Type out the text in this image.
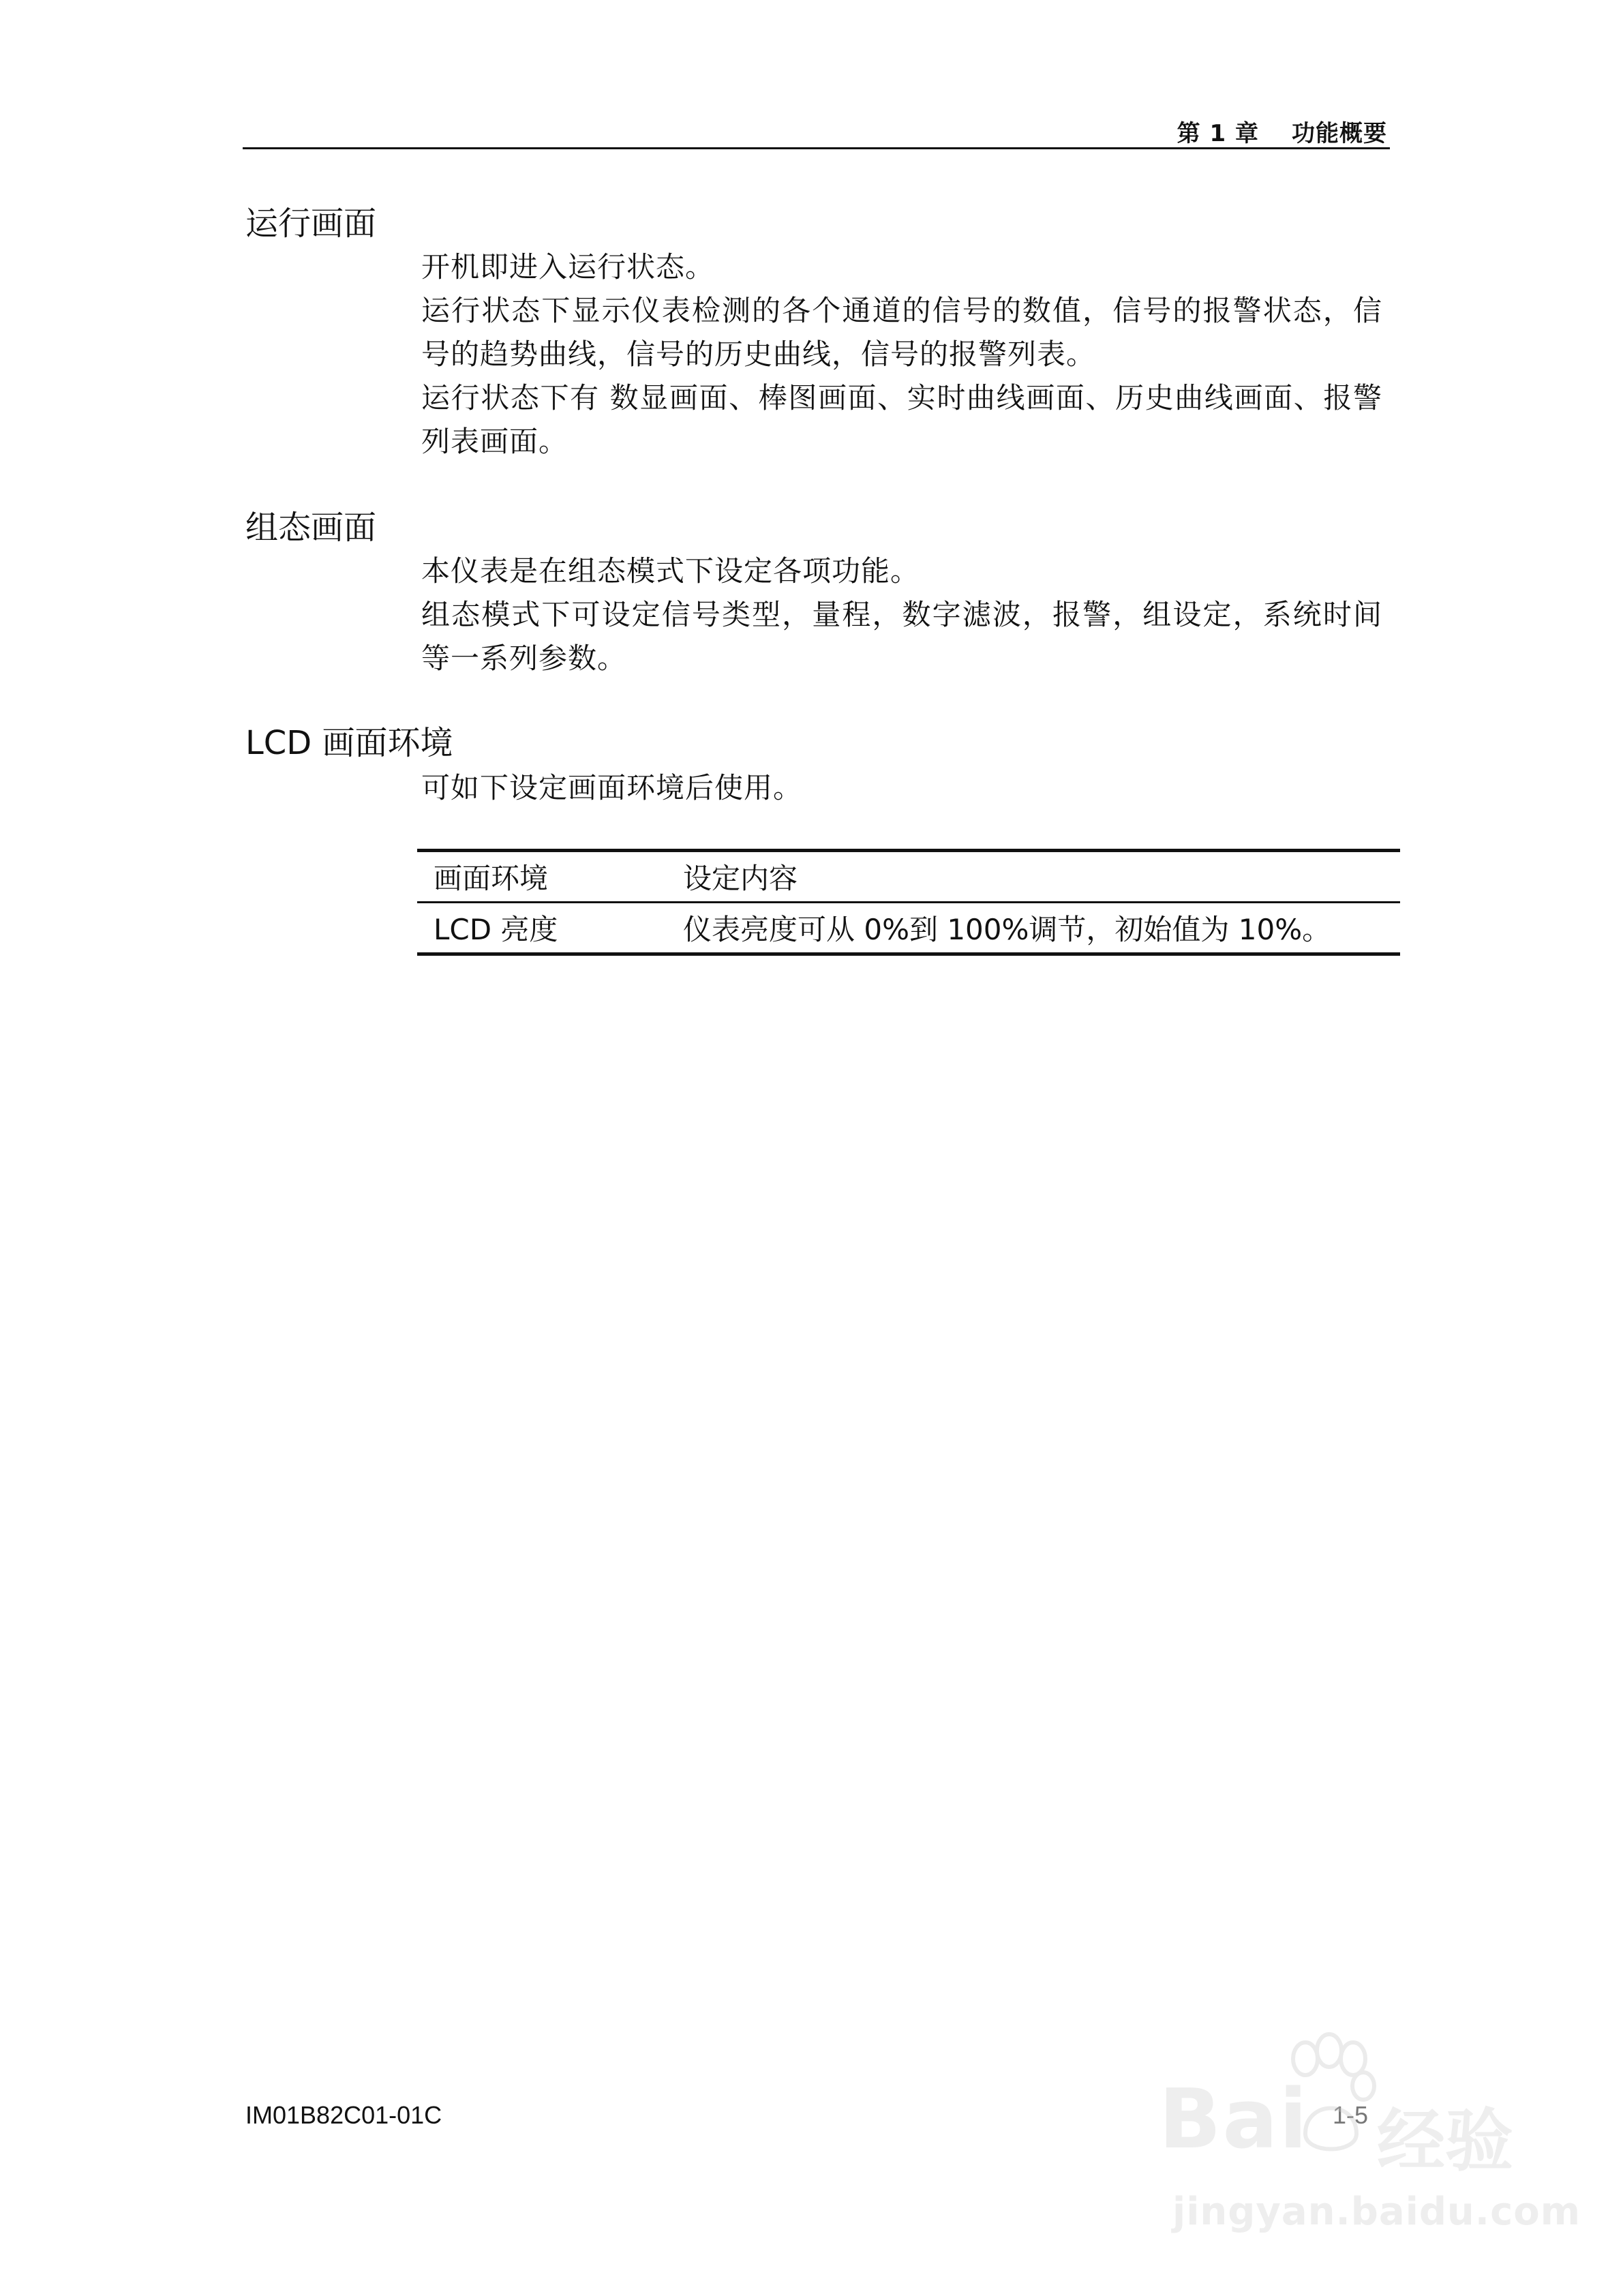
第 1 章 功能概要
运行画面

开机即进入运行状态。

运行状态下显示仪表检测的各个通道的信号的数值，信号的报警状态，信号的趋势曲线，信号的历史曲线，信号的报警列表。

运行状态下有 数显画面、棒图画面、实时曲线画面、历史曲线画面、报警列表画面。

组态画面

本仪表是在组态模式下设定各项功能。

组态模式下可设定信号类型，量程，数字滤波，报警，组设定，系统时间等一系列参数。

LCD 画面环境

可如下设定画面环境后使用。

画面环境	设定内容
LCD 亮度	仪表亮度可从 0%到 100%调节，初始值为 10%。
IM01B82C01-01C	1-5
Bai 经验
jingyan.baidu.com
